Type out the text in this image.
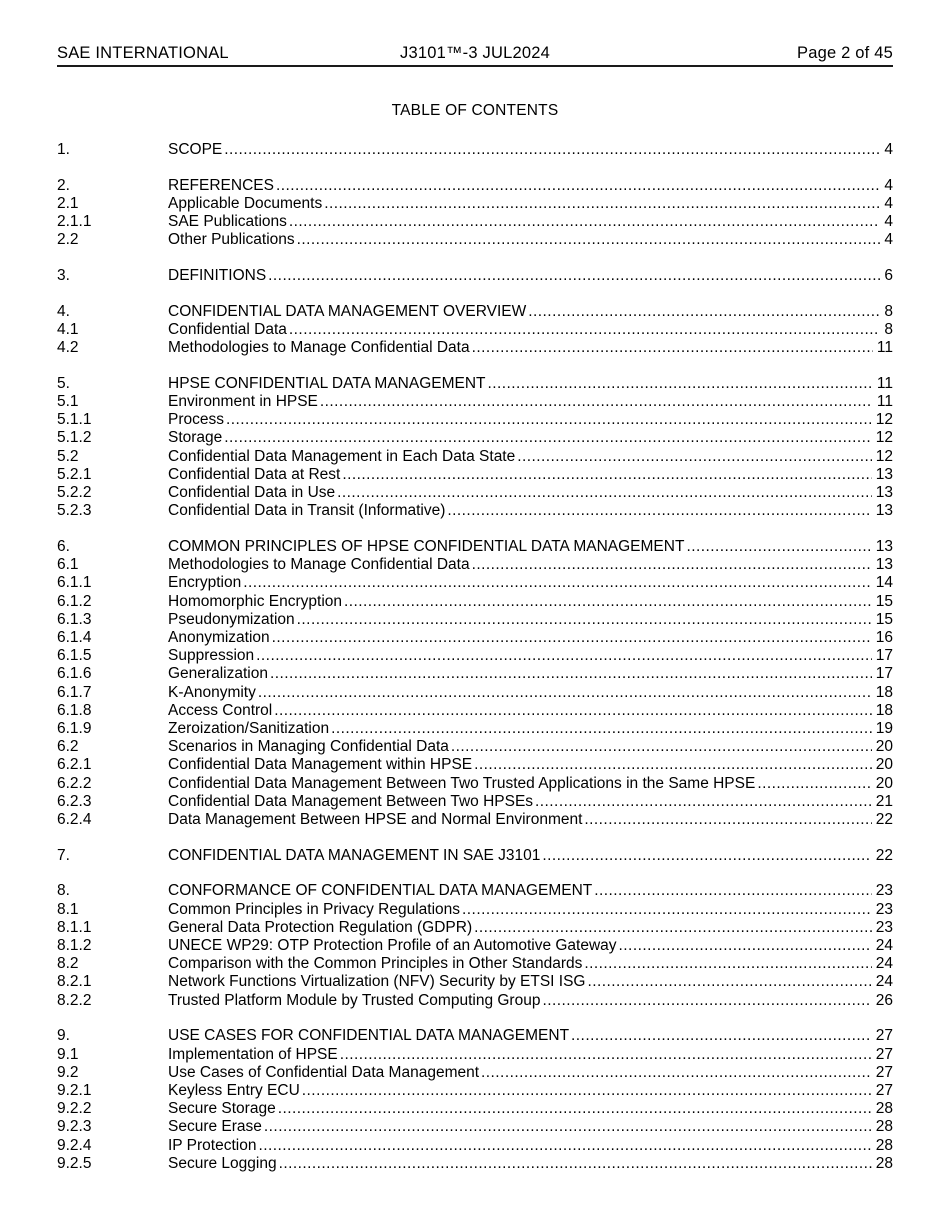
SAE INTERNATIONAL	J3101™-3 JUL2024	Page 2 of 45
TABLE OF CONTENTS
1.	SCOPE .....	4
2.	REFERENCES .....	4
2.1	Applicable Documents .....	4
2.1.1	SAE Publications .....	4
2.2	Other Publications .....	4
3.	DEFINITIONS .....	6
4.	CONFIDENTIAL DATA MANAGEMENT OVERVIEW .....	8
4.1	Confidential Data .....	8
4.2	Methodologies to Manage Confidential Data .....	11
5.	HPSE CONFIDENTIAL DATA MANAGEMENT .....	11
5.1	Environment in HPSE .....	11
5.1.1	Process .....	12
5.1.2	Storage .....	12
5.2	Confidential Data Management in Each Data State .....	12
5.2.1	Confidential Data at Rest .....	13
5.2.2	Confidential Data in Use .....	13
5.2.3	Confidential Data in Transit (Informative) .....	13
6.	COMMON PRINCIPLES OF HPSE CONFIDENTIAL DATA MANAGEMENT .....	13
6.1	Methodologies to Manage Confidential Data .....	13
6.1.1	Encryption .....	14
6.1.2	Homomorphic Encryption .....	15
6.1.3	Pseudonymization .....	15
6.1.4	Anonymization .....	16
6.1.5	Suppression .....	17
6.1.6	Generalization .....	17
6.1.7	K-Anonymity .....	18
6.1.8	Access Control .....	18
6.1.9	Zeroization/Sanitization .....	19
6.2	Scenarios in Managing Confidential Data .....	20
6.2.1	Confidential Data Management within HPSE .....	20
6.2.2	Confidential Data Management Between Two Trusted Applications in the Same HPSE .....	20
6.2.3	Confidential Data Management Between Two HPSEs .....	21
6.2.4	Data Management Between HPSE and Normal Environment .....	22
7.	CONFIDENTIAL DATA MANAGEMENT IN SAE J3101 .....	22
8.	CONFORMANCE OF CONFIDENTIAL DATA MANAGEMENT .....	23
8.1	Common Principles in Privacy Regulations .....	23
8.1.1	General Data Protection Regulation (GDPR) .....	23
8.1.2	UNECE WP29: OTP Protection Profile of an Automotive Gateway .....	24
8.2	Comparison with the Common Principles in Other Standards .....	24
8.2.1	Network Functions Virtualization (NFV) Security by ETSI ISG .....	24
8.2.2	Trusted Platform Module by Trusted Computing Group .....	26
9.	USE CASES FOR CONFIDENTIAL DATA MANAGEMENT .....	27
9.1	Implementation of HPSE .....	27
9.2	Use Cases of Confidential Data Management .....	27
9.2.1	Keyless Entry ECU .....	27
9.2.2	Secure Storage .....	28
9.2.3	Secure Erase .....	28
9.2.4	IP Protection .....	28
9.2.5	Secure Logging .....	28
